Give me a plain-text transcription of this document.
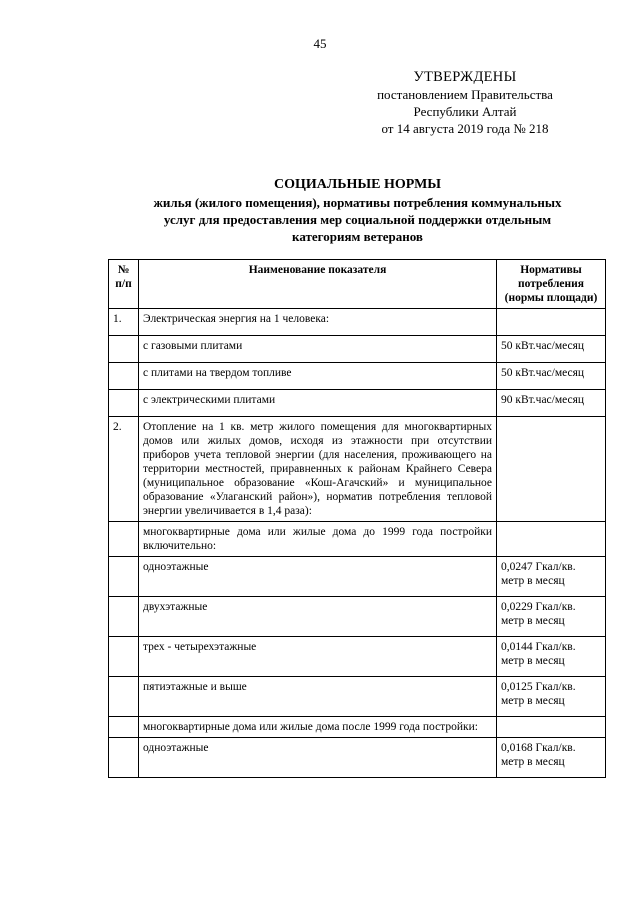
45
УТВЕРЖДЕНЫ
постановлением Правительства
Республики Алтай
от 14 августа 2019 года № 218
СОЦИАЛЬНЫЕ НОРМЫ
жилья (жилого помещения), нормативы потребления коммунальных
услуг для предоставления мер социальной поддержки отдельным
категориям ветеранов
№ п/п	Наименование показателя	Нормативы потребления (нормы площади)
1.	Электрическая энергия на 1 человека:	
	с газовыми плитами	50 кВт.час/месяц
	с плитами на твердом топливе	50 кВт.час/месяц
	с электрическими плитами	90 кВт.час/месяц
2.	Отопление на 1 кв. метр жилого помещения для многоквартирных домов или жилых домов, исходя из этажности при отсутствии приборов учета тепловой энергии (для населения, проживающего на территории местностей, приравненных к районам Крайнего Севера (муниципальное образование «Кош-Агачский» и муниципальное образование «Улаганский район»), норматив потребления тепловой энергии увеличивается в 1,4 раза):	
	многоквартирные дома или жилые дома до 1999 года постройки включительно:	
	одноэтажные	0,0247 Гкал/кв. метр в месяц
	двухэтажные	0,0229 Гкал/кв. метр в месяц
	трех - четырехэтажные	0,0144 Гкал/кв. метр в месяц
	пятиэтажные и выше	0,0125 Гкал/кв. метр в месяц
	многоквартирные дома или жилые дома после 1999 года постройки:	
	одноэтажные	0,0168 Гкал/кв. метр в месяц
